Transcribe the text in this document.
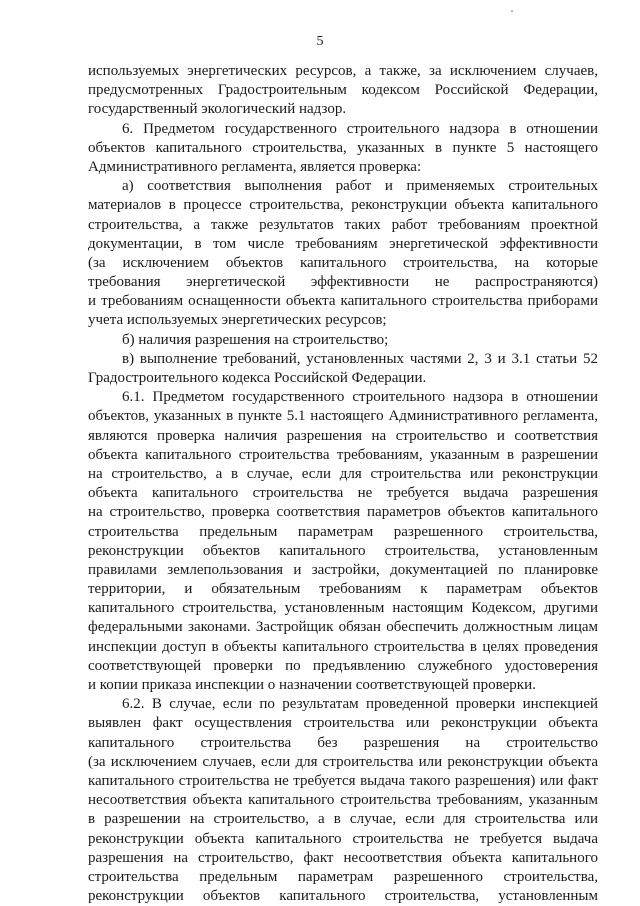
5
используемых энергетических ресурсов, а также, за исключением случаев,
предусмотренных Градостроительным кодексом Российской Федерации,
государственный экологический надзор.
6. Предметом государственного строительного надзора в отношении
объектов капитального строительства, указанных в пункте 5 настоящего
Административного регламента, является проверка:
а) соответствия выполнения работ и применяемых строительных
материалов в процессе строительства, реконструкции объекта капитального
строительства, а также результатов таких работ требованиям проектной
документации, в том числе требованиям энергетической эффективности
(за исключением объектов капитального строительства, на которые
требования энергетической эффективности не распространяются)
и требованиям оснащенности объекта капитального строительства приборами
учета используемых энергетических ресурсов;
б) наличия разрешения на строительство;
в) выполнение требований, установленных частями 2, 3 и 3.1 статьи 52
Градостроительного кодекса Российской Федерации.
6.1. Предметом государственного строительного надзора в отношении
объектов, указанных в пункте 5.1 настоящего Административного регламента,
являются проверка наличия разрешения на строительство и соответствия
объекта капитального строительства требованиям, указанным в разрешении
на строительство, а в случае, если для строительства или реконструкции
объекта капитального строительства не требуется выдача разрешения
на строительство, проверка соответствия параметров объектов капитального
строительства предельным параметрам разрешенного строительства,
реконструкции объектов капитального строительства, установленным
правилами землепользования и застройки, документацией по планировке
территории, и обязательным требованиям к параметрам объектов
капитального строительства, установленным настоящим Кодексом, другими
федеральными законами. Застройщик обязан обеспечить должностным лицам
инспекции доступ в объекты капитального строительства в целях проведения
соответствующей проверки по предъявлению служебного удостоверения
и копии приказа инспекции о назначении соответствующей проверки.
6.2. В случае, если по результатам проведенной проверки инспекцией
выявлен факт осуществления строительства или реконструкции объекта
капитального строительства без разрешения на строительство
(за исключением случаев, если для строительства или реконструкции объекта
капитального строительства не требуется выдача такого разрешения) или факт
несоответствия объекта капитального строительства требованиям, указанным
в разрешении на строительство, а в случае, если для строительства или
реконструкции объекта капитального строительства не требуется выдача
разрешения на строительство, факт несоответствия объекта капитального
строительства предельным параметрам разрешенного строительства,
реконструкции объектов капитального строительства, установленным
